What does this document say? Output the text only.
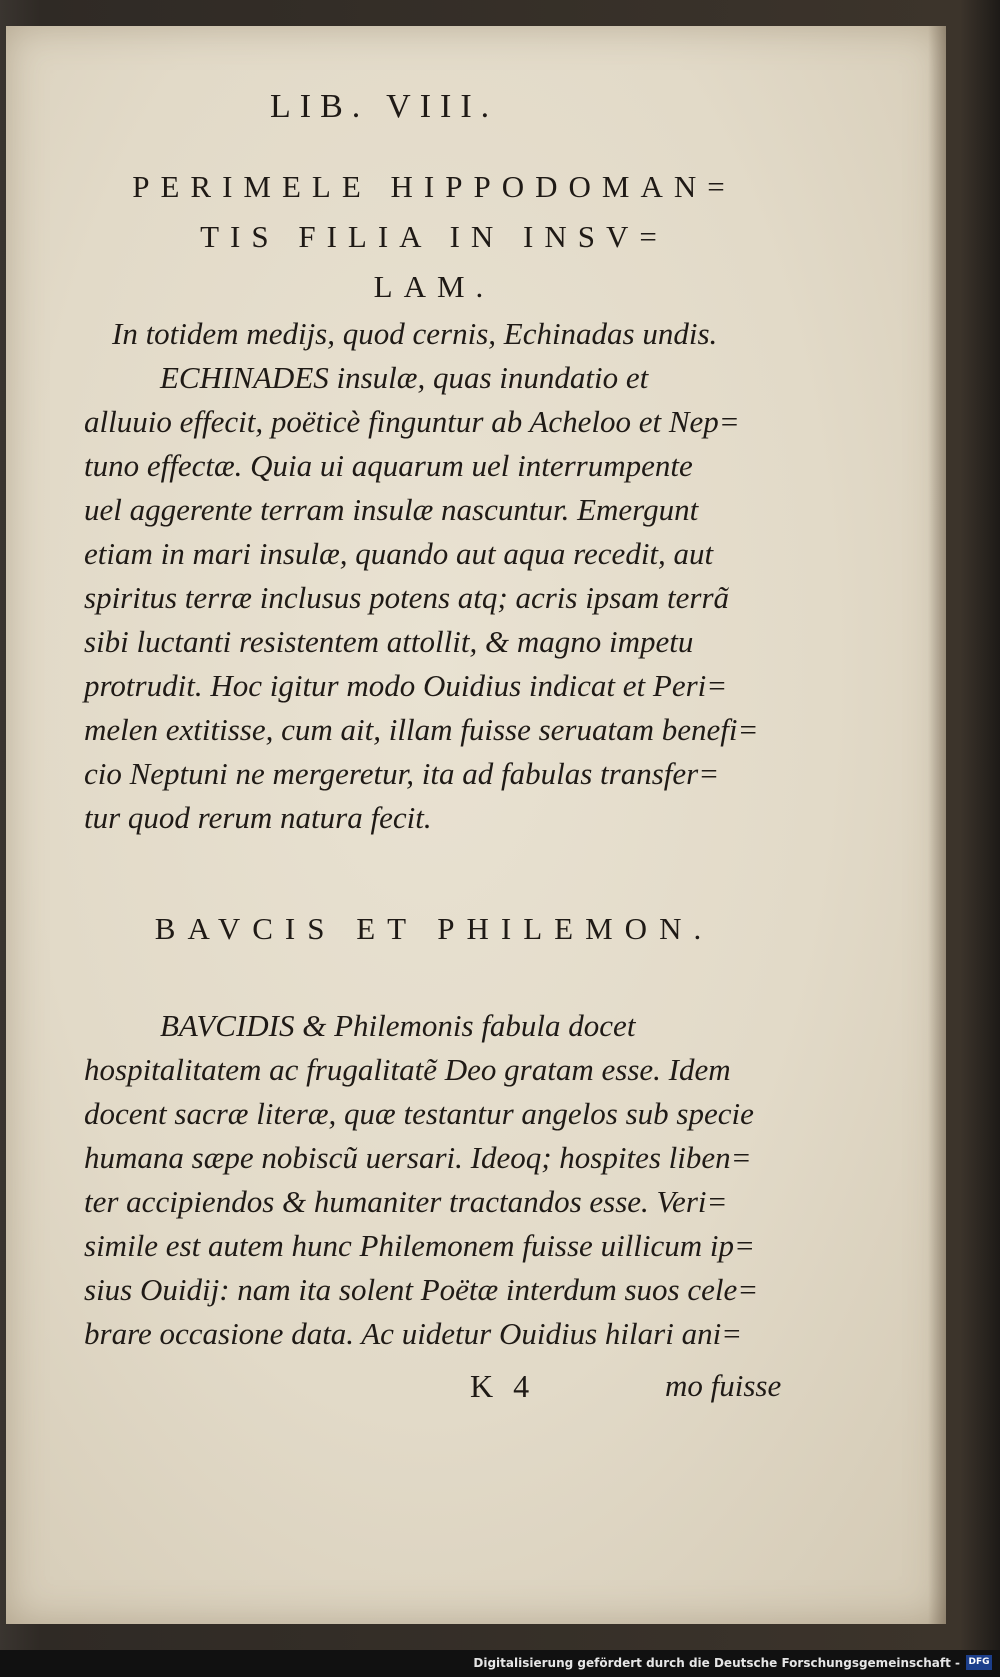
LIB. VIII.
PERIMELE HIPPODOMAN=
TIS FILIA IN INSV=
LAM.
In totidem medijs, quod cernis, Echinadas undis.
ECHINADES insulæ, quas inundatio et
alluuio effecit, poëticè finguntur ab Acheloo et Nep=
tuno effectæ. Quia ui aquarum uel interrumpente
uel aggerente terram insulæ nascuntur. Emergunt
etiam in mari insulæ, quando aut aqua recedit, aut
spiritus terræ inclusus potens atq; acris ipsam terrã
sibi luctanti resistentem attollit, & magno impetu
protrudit. Hoc igitur modo Ouidius indicat et Peri=
melen extitisse, cum ait, illam fuisse seruatam benefi=
cio Neptuni ne mergeretur, ita ad fabulas transfer=
tur quod rerum natura fecit.
BAVCIS ET PHILEMON.
BAVCIDIS & Philemonis fabula docet
hospitalitatem ac frugalitatẽ Deo gratam esse. Idem
docent sacræ literæ, quæ testantur angelos sub specie
humana sæpe nobiscũ uersari. Ideoq; hospites liben=
ter accipiendos & humaniter tractandos esse. Veri=
simile est autem hunc Philemonem fuisse uillicum ip=
sius Ouidij: nam ita solent Poëtæ interdum suos cele=
brare occasione data. Ac uidetur Ouidius hilari ani=
K 4	mo fuisse
Digitalisierung gefördert durch die Deutsche Forschungsgemeinschaft - DFG
